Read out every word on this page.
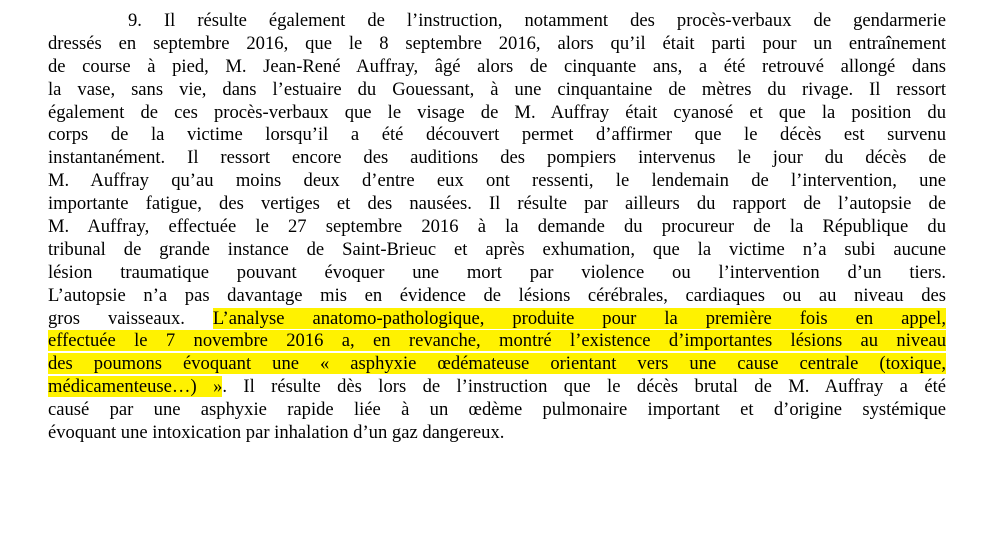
9. Il résulte également de l’instruction, notamment des procès-verbaux de gendarmerie
dressés en septembre 2016, que le 8 septembre 2016, alors qu’il était parti pour un entraînement
de course à pied, M. Jean-René Auffray, âgé alors de cinquante ans, a été retrouvé allongé dans
la vase, sans vie, dans l’estuaire du Gouessant, à une cinquantaine de mètres du rivage. Il ressort
également de ces procès-verbaux que le visage de M. Auffray était cyanosé et que la position du
corps de la victime lorsqu’il a été découvert permet d’affirmer que le décès est survenu
instantanément. Il ressort encore des auditions des pompiers intervenus le jour du décès de
M. Auffray qu’au moins deux d’entre eux ont ressenti, le lendemain de l’intervention, une
importante fatigue, des vertiges et des nausées. Il résulte par ailleurs du rapport de l’autopsie de
M. Auffray, effectuée le 27 septembre 2016 à la demande du procureur de la République du
tribunal de grande instance de Saint-Brieuc et après exhumation, que la victime n’a subi aucune
lésion traumatique pouvant évoquer une mort par violence ou l’intervention d’un tiers.
L’autopsie n’a pas davantage mis en évidence de lésions cérébrales, cardiaques ou au niveau des
gros vaisseaux. L’analyse anatomo-pathologique, produite pour la première fois en appel,
effectuée le 7 novembre 2016 a, en revanche, montré l’existence d’importantes lésions au niveau
des poumons évoquant une « asphyxie œdémateuse orientant vers une cause centrale (toxique,
médicamenteuse…) ». Il résulte dès lors de l’instruction que le décès brutal de M. Auffray a été
causé par une asphyxie rapide liée à un œdème pulmonaire important et d’origine systémique
évoquant une intoxication par inhalation d’un gaz dangereux.
